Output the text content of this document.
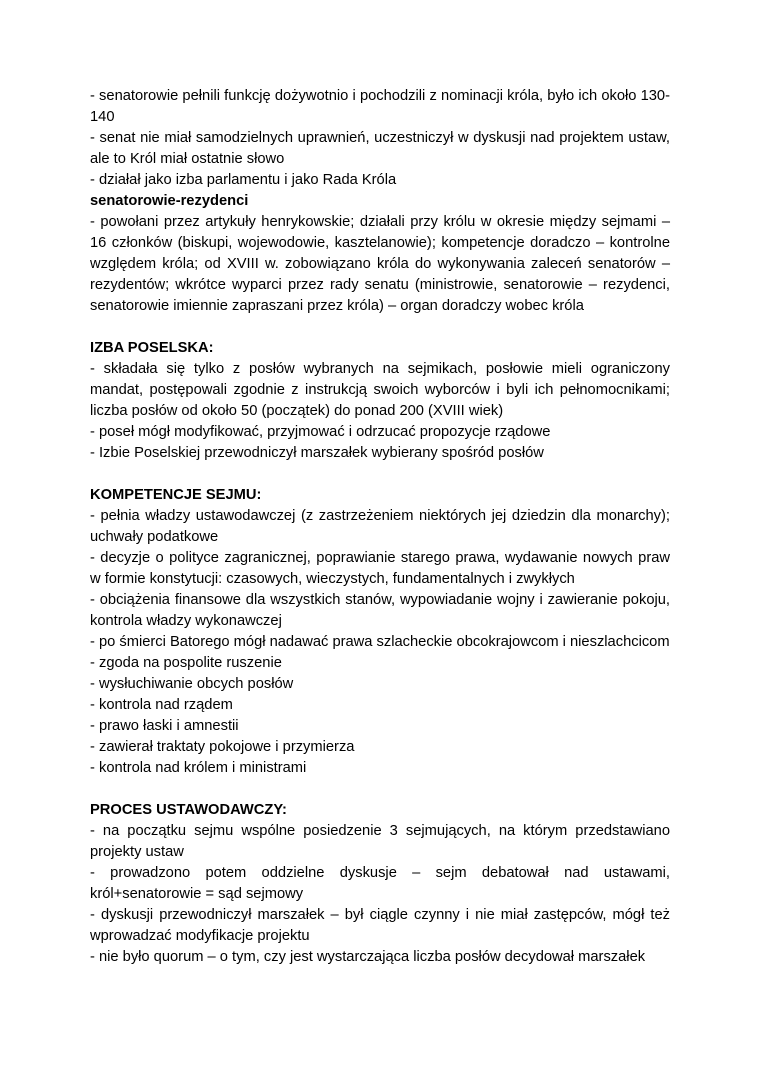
- senatorowie pełnili funkcję dożywotnio i pochodzili z nominacji króla, było ich około 130-140

- senat nie miał samodzielnych uprawnień, uczestniczył w dyskusji nad projektem ustaw, ale to Król miał ostatnie słowo

- działał jako izba parlamentu i jako Rada Króla

senatorowie-rezydenci

- powołani przez artykuły henrykowskie; działali przy królu w okresie między sejmami – 16 członków (biskupi, wojewodowie, kasztelanowie); kompetencje doradczo – kontrolne względem króla; od XVIII w. zobowiązano króla do wykonywania zaleceń senatorów – rezydentów; wkrótce wyparci przez rady senatu (ministrowie, senatorowie – rezydenci, senatorowie imiennie zapraszani przez króla) – organ doradczy wobec króla

IZBA POSELSKA:

- składała się tylko z posłów wybranych na sejmikach, posłowie mieli ograniczony mandat, postępowali zgodnie z instrukcją swoich wyborców i byli ich pełnomocnikami; liczba posłów od około 50 (początek) do ponad 200 (XVIII wiek)

- poseł mógł modyfikować, przyjmować i odrzucać propozycje rządowe

- Izbie Poselskiej przewodniczył marszałek wybierany spośród posłów

KOMPETENCJE SEJMU:

- pełnia władzy ustawodawczej (z zastrzeżeniem niektórych jej dziedzin dla monarchy); uchwały podatkowe

- decyzje o polityce zagranicznej, poprawianie starego prawa, wydawanie nowych praw w formie konstytucji: czasowych, wieczystych, fundamentalnych i zwykłych

- obciążenia finansowe dla wszystkich stanów, wypowiadanie wojny i zawieranie pokoju, kontrola władzy wykonawczej

- po śmierci Batorego mógł nadawać prawa szlacheckie obcokrajowcom i nieszlachcicom

- zgoda na pospolite ruszenie

- wysłuchiwanie obcych posłów

- kontrola nad rządem

- prawo łaski i amnestii

- zawierał traktaty pokojowe i przymierza

- kontrola nad królem i ministrami

PROCES USTAWODAWCZY:

- na początku sejmu wspólne posiedzenie 3 sejmujących, na którym przedstawiano projekty ustaw

- prowadzono potem oddzielne dyskusje – sejm debatował nad ustawami, król+senatorowie = sąd sejmowy

- dyskusji przewodniczył marszałek – był ciągle czynny i nie miał zastępców, mógł też wprowadzać modyfikacje projektu

- nie było quorum – o tym, czy jest wystarczająca liczba posłów decydował marszałek
